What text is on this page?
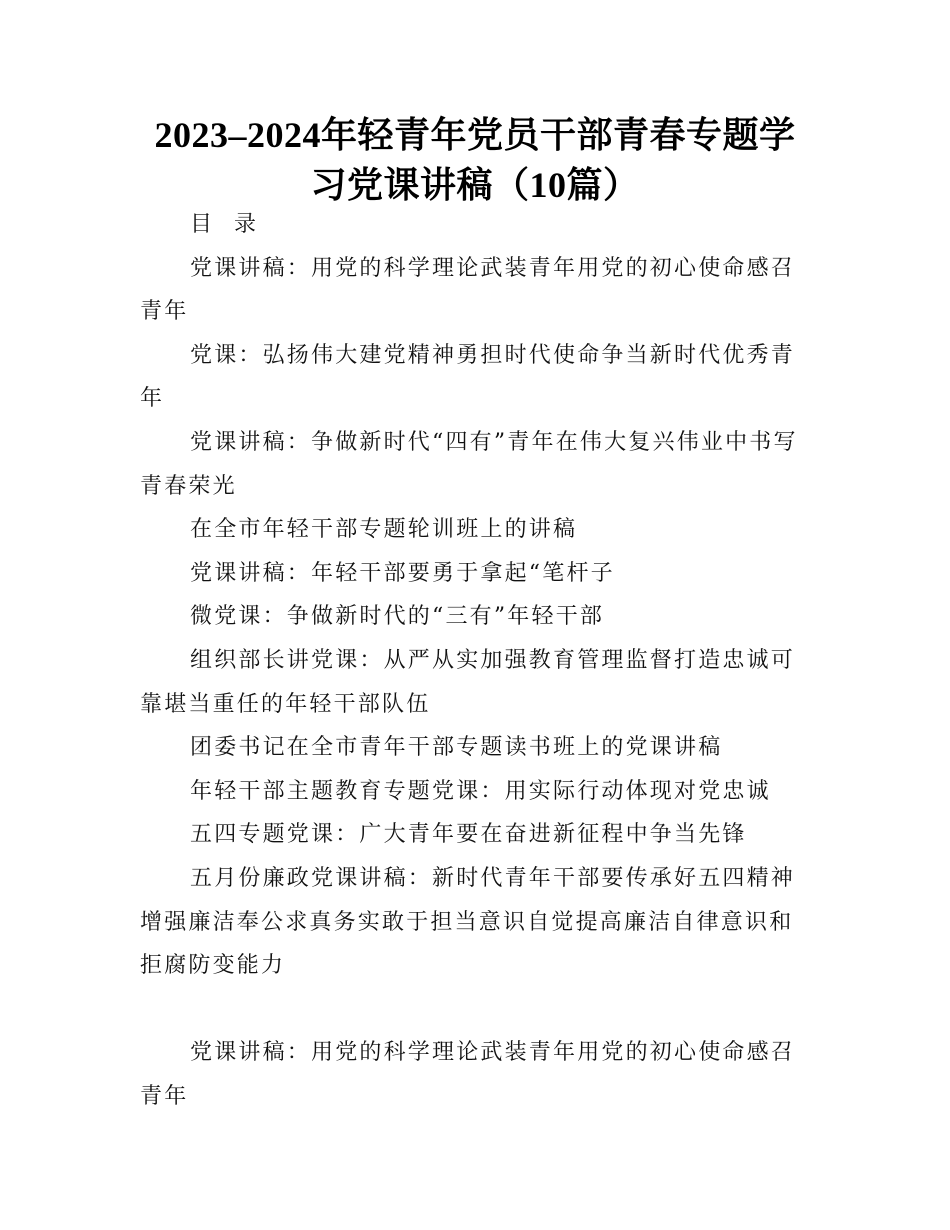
2023–2024年轻青年党员干部青春专题学
习党课讲稿（10篇）

目录

党课讲稿：用党的科学理论武装青年用党的初心使命感召青年

党课：弘扬伟大建党精神勇担时代使命争当新时代优秀青年

党课讲稿：争做新时代“四有”青年在伟大复兴伟业中书写青春荣光

在全市年轻干部专题轮训班上的讲稿

党课讲稿：年轻干部要勇于拿起“笔杆子

微党课：争做新时代的“三有”年轻干部

组织部长讲党课：从严从实加强教育管理监督打造忠诚可靠堪当重任的年轻干部队伍

团委书记在全市青年干部专题读书班上的党课讲稿

年轻干部主题教育专题党课：用实际行动体现对党忠诚

五四专题党课：广大青年要在奋进新征程中争当先锋

五月份廉政党课讲稿：新时代青年干部要传承好五四精神增强廉洁奉公求真务实敢于担当意识自觉提高廉洁自律意识和拒腐防变能力

党课讲稿：用党的科学理论武装青年用党的初心使命感召青年
